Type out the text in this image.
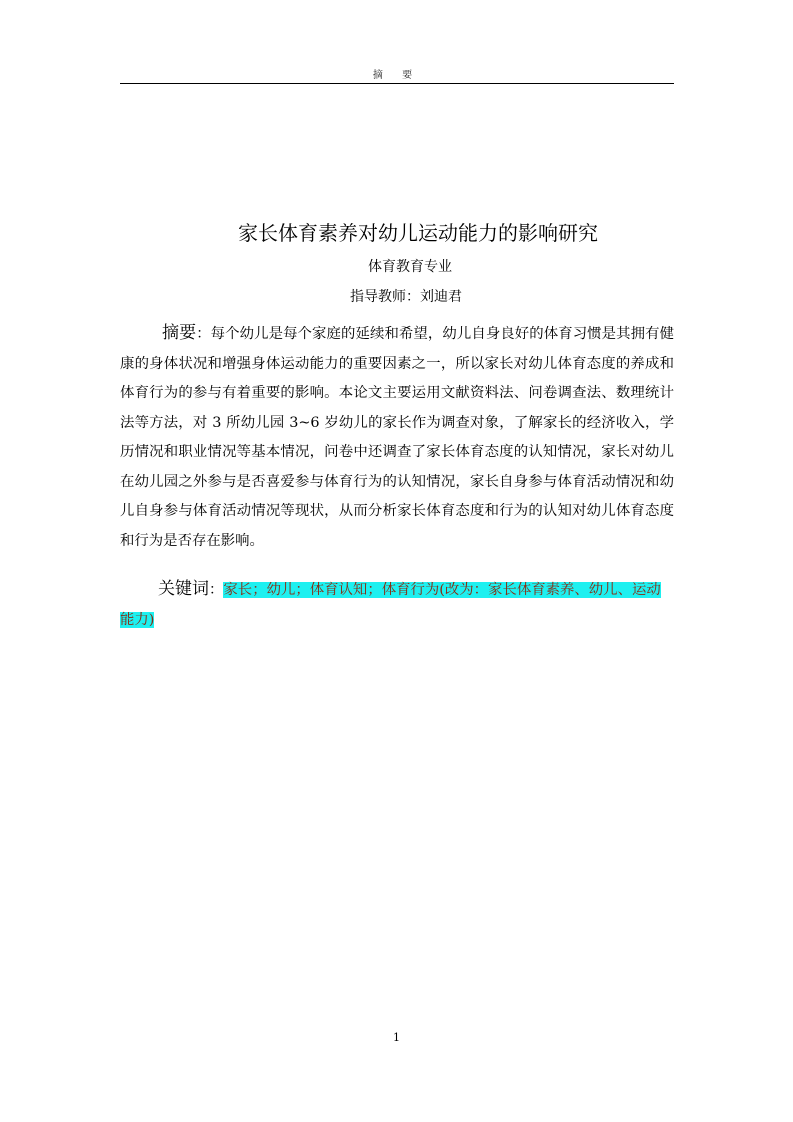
摘 要
家长体育素养对幼儿运动能力的影响研究
体育教育专业
指导教师：刘迪君

摘要：每个幼儿是每个家庭的延续和希望，幼儿自身良好的体育习惯是其拥有健康的身体状况和增强身体运动能力的重要因素之一，所以家长对幼儿体育态度的养成和体育行为的参与有着重要的影响。本论文主要运用文献资料法、问卷调查法、数理统计法等方法，对 3 所幼儿园 3~6 岁幼儿的家长作为调查对象，了解家长的经济收入，学历情况和职业情况等基本情况，问卷中还调查了家长体育态度的认知情况，家长对幼儿在幼儿园之外参与是否喜爱参与体育行为的认知情况，家长自身参与体育活动情况和幼儿自身参与体育活动情况等现状，从而分析家长体育态度和行为的认知对幼儿体育态度和行为是否存在影响。

关键词：家长；幼儿；体育认知；体育行为(改为：家长体育素养、幼儿、运动能力)

1
